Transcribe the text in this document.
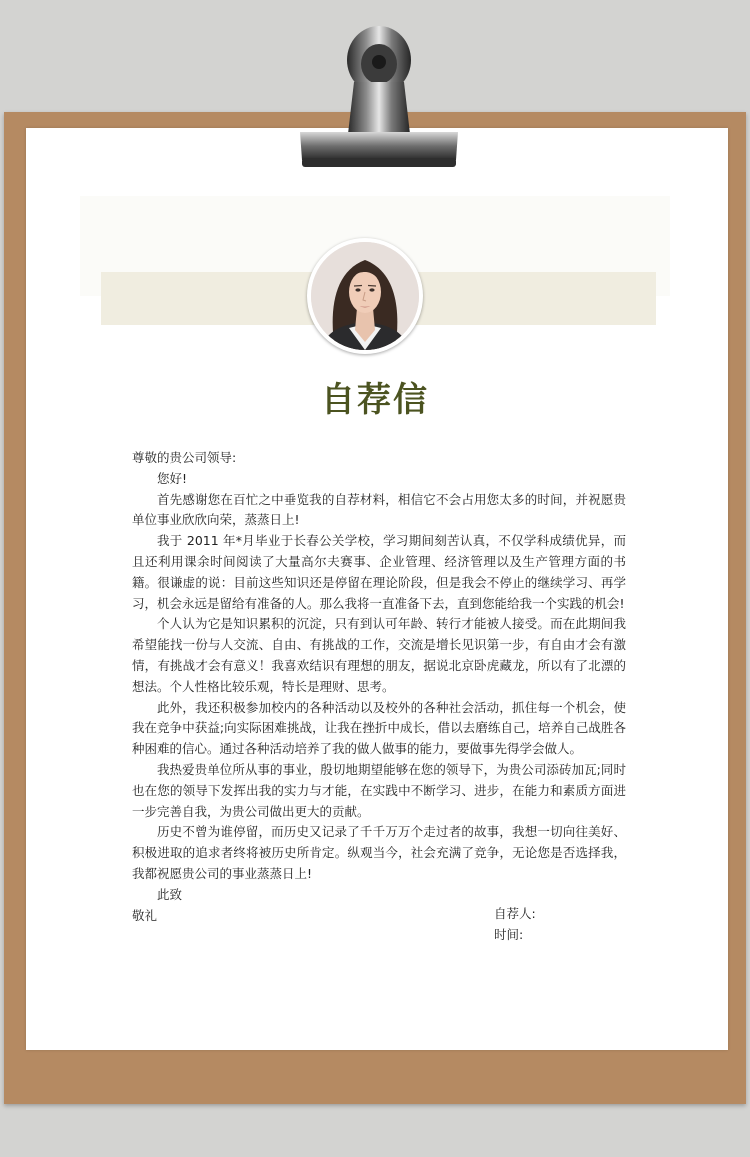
自荐信

尊敬的贵公司领导:

您好!

首先感谢您在百忙之中垂览我的自荐材料，相信它不会占用您太多的时间，并祝愿贵单位事业欣欣向荣，蒸蒸日上!

我于 2011 年*月毕业于长春公关学校，学习期间刻苦认真，不仅学科成绩优异，而且还利用课余时间阅读了大量高尔夫赛事、企业管理、经济管理以及生产管理方面的书籍。很谦虚的说：目前这些知识还是停留在理论阶段，但是我会不停止的继续学习、再学习，机会永远是留给有准备的人。那么我将一直准备下去，直到您能给我一个实践的机会!

个人认为它是知识累积的沉淀，只有到认可年龄、转行才能被人接受。而在此期间我希望能找一份与人交流、自由、有挑战的工作，交流是增长见识第一步，有自由才会有激情，有挑战才会有意义！我喜欢结识有理想的朋友，据说北京卧虎藏龙，所以有了北漂的想法。个人性格比较乐观，特长是理财、思考。

此外，我还积极参加校内的各种活动以及校外的各种社会活动，抓住每一个机会，使我在竞争中获益;向实际困难挑战，让我在挫折中成长，借以去磨练自己，培养自己战胜各种困难的信心。通过各种活动培养了我的做人做事的能力，要做事先得学会做人。

我热爱贵单位所从事的事业，殷切地期望能够在您的领导下，为贵公司添砖加瓦;同时也在您的领导下发挥出我的实力与才能，在实践中不断学习、进步，在能力和素质方面进一步完善自我，为贵公司做出更大的贡献。

历史不曾为谁停留，而历史又记录了千千万万个走过者的故事，我想一切向往美好、积极进取的追求者终将被历史所肯定。纵观当今，社会充满了竞争，无论您是否选择我，我都祝愿贵公司的事业蒸蒸日上!

此致

敬礼	自荐人:
时间:
